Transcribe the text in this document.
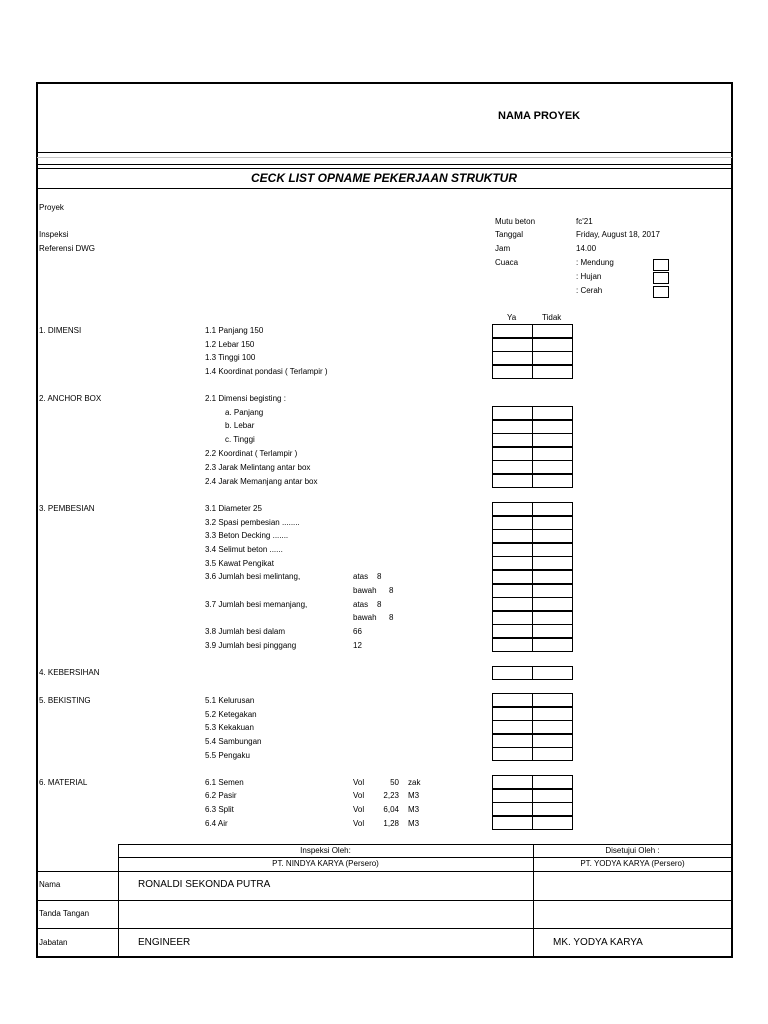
NAMA PROYEK
CECK LIST OPNAME PEKERJAAN STRUKTUR
Proyek
Inspeksi
Referensi DWG
Mutu beton	fc'21
Tanggal	Friday, August 18, 2017
Jam	14.00
Cuaca	: Mendung
: Hujan
: Cerah
Ya	Tidak
1. DIMENSI	1.1 Panjang 150
1.2 Lebar 150
1.3 Tinggi 100
1.4 Koordinat pondasi ( Terlampir )
2. ANCHOR BOX	2.1 Dimensi begisting :
a. Panjang
b. Lebar
c. Tinggi
2.2 Koordinat ( Terlampir )
2.3 Jarak Melintang antar box
2.4 Jarak Memanjang antar box
3. PEMBESIAN	3.1 Diameter 25
3.2 Spasi pembesian ........
3.3 Beton Decking .......
3.4 Selimut beton ......
3.5 Kawat Pengikat
3.6 Jumlah besi melintang,	atas 8
bawah 8
3.7 Jumlah besi memanjang,	atas 8
bawah 8
3.8 Jumlah besi dalam	66
3.9 Jumlah besi pinggang	12
4. KEBERSIHAN
5. BEKISTING	5.1 Kelurusan
5.2 Ketegakan
5.3 Kekakuan
5.4 Sambungan
5.5 Pengaku
6. MATERIAL	6.1 Semen	Vol	50 zak
6.2 Pasir	Vol	2,23 M3
6.3 Split	Vol	6,04 M3
6.4 Air	Vol	1,28 M3
Inspeksi Oleh:	Disetujui Oleh :
PT. NINDYA KARYA (Persero)	PT. YODYA KARYA (Persero)
Nama	RONALDI SEKONDA PUTRA
Tanda Tangan
Jabatan	ENGINEER	MK. YODYA KARYA
